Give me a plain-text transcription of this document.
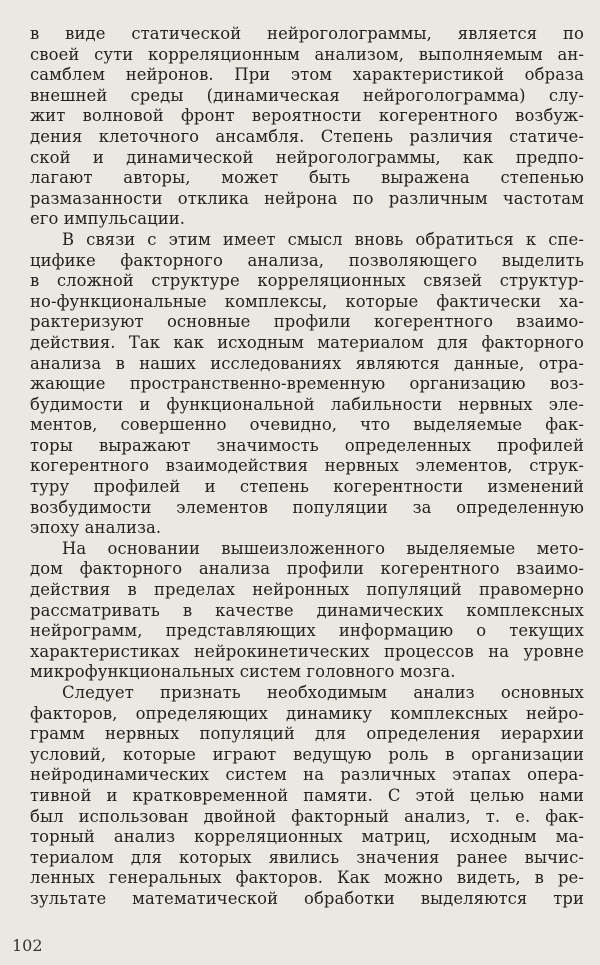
в виде статической нейроголограммы, является по
своей сути корреляционным анализом, выполняемым ан-
самблем нейронов. При этом характеристикой образа
внешней среды (динамическая нейроголограмма) слу-
жит волновой фронт вероятности когерентного возбуж-
дения клеточного ансамбля. Степень различия статиче-
ской и динамической нейроголограммы, как предпо-
лагают авторы, может быть выражена степенью
размазанности отклика нейрона по различным частотам
его импульсации.
В связи с этим имеет смысл вновь обратиться к спе-
цифике факторного анализа, позволяющего выделить
в сложной структуре корреляционных связей структур-
но-функциональные комплексы, которые фактически ха-
рактеризуют основные профили когерентного взаимо-
действия. Так как исходным материалом для факторного
анализа в наших исследованиях являются данные, отра-
жающие пространственно-временную организацию воз-
будимости и функциональной лабильности нервных эле-
ментов, совершенно очевидно, что выделяемые фак-
торы выражают значимость определенных профилей
когерентного взаимодействия нервных элементов, струк-
туру профилей и степень когерентности изменений
возбудимости элементов популяции за определенную
эпоху анализа.
На основании вышеизложенного выделяемые мето-
дом факторного анализа профили когерентного взаимо-
действия в пределах нейронных популяций правомерно
рассматривать в качестве динамических комплексных
нейрограмм, представляющих информацию о текущих
характеристиках нейрокинетических процессов на уровне
микрофункциональных систем головного мозга.
Следует признать необходимым анализ основных
факторов, определяющих динамику комплексных нейро-
грамм нервных популяций для определения иерархии
условий, которые играют ведущую роль в организации
нейродинамических систем на различных этапах опера-
тивной и кратковременной памяти. С этой целью нами
был использован двойной факторный анализ, т. е. фак-
торный анализ корреляционных матриц, исходным ма-
териалом для которых явились значения ранее вычис-
ленных генеральных факторов. Как можно видеть, в ре-
зультате математической обработки выделяются три
102
